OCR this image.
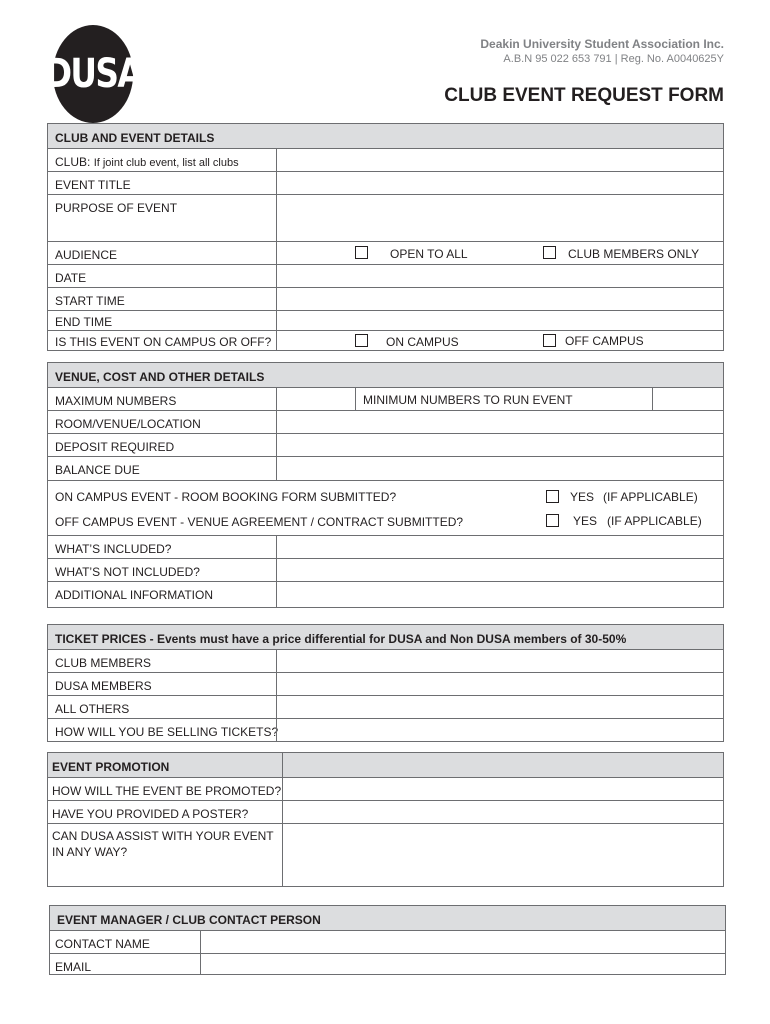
DUSA
Deakin University Student Association Inc.
A.B.N 95 022 653 791 | Reg. No. A0040625Y
CLUB EVENT REQUEST FORM
CLUB AND EVENT DETAILS
CLUB: If joint club event, list all clubs
EVENT TITLE
PURPOSE OF EVENT
AUDIENCE	OPEN TO ALL	CLUB MEMBERS ONLY
DATE
START TIME
END TIME
IS THIS EVENT ON CAMPUS OR OFF?	ON CAMPUS	OFF CAMPUS
VENUE, COST AND OTHER DETAILS
MAXIMUM NUMBERS	MINIMUM NUMBERS TO RUN EVENT
ROOM/VENUE/LOCATION
DEPOSIT REQUIRED
BALANCE DUE
ON CAMPUS EVENT - ROOM BOOKING FORM SUBMITTED?	YES (IF APPLICABLE)
OFF CAMPUS EVENT - VENUE AGREEMENT / CONTRACT SUBMITTED?	YES (IF APPLICABLE)
WHAT’S INCLUDED?
WHAT’S NOT INCLUDED?
ADDITIONAL INFORMATION
TICKET PRICES - Events must have a price differential for DUSA and Non DUSA members of 30-50%
CLUB MEMBERS
DUSA MEMBERS
ALL OTHERS
HOW WILL YOU BE SELLING TICKETS?
EVENT PROMOTION
HOW WILL THE EVENT BE PROMOTED?
HAVE YOU PROVIDED A POSTER?
CAN DUSA ASSIST WITH YOUR EVENT
IN ANY WAY?
EVENT MANAGER / CLUB CONTACT PERSON
CONTACT NAME
EMAIL
